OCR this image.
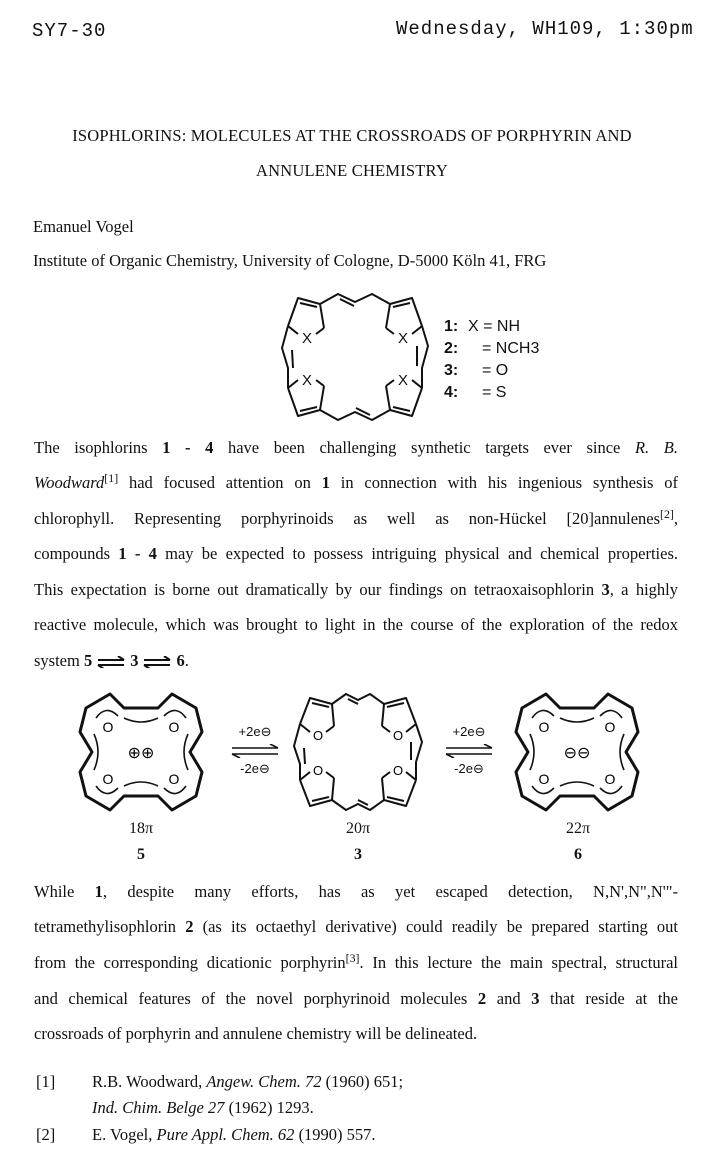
SY7-30	Wednesday, WH109, 1:30pm
ISOPHLORINS: MOLECULES AT THE CROSSROADS OF PORPHYRIN AND
ANNULENE CHEMISTRY
Emanuel Vogel
Institute of Organic Chemistry, University of Cologne, D-5000 Köln 41, FRG
X	X
X	X
1: X = NH
2: = NCH3
3: = O
4: = S
The isophlorins 1 - 4 have been challenging synthetic targets ever since R. B.
Woodward[1] had focused attention on 1 in connection with his ingenious synthesis of
chlorophyll. Representing porphyrinoids as well as non-Hückel [20]annulenes[2],
compounds 1 - 4 may be expected to possess intriguing physical and chemical properties.
This expectation is borne out dramatically by our findings on tetraoxaisophlorin 3, a highly
reactive molecule, which was brought to light in the course of the exploration of the redox
system 5 ⇌ 3 ⇌ 6.
O	O
O	O
⊕⊕
+2e⊖
-2e⊖
O	O
O	O
+2e⊖
-2e⊖
O	O
O	O
⊖⊖
18π
5
20π
3
22π
6
While 1, despite many efforts, has as yet escaped detection, N,N',N",N'"-
tetramethylisophlorin 2 (as its octaethyl derivative) could readily be prepared starting out
from the corresponding dicationic porphyrin[3]. In this lecture the main spectral, structural
and chemical features of the novel porphyrinoid molecules 2 and 3 that reside at the
crossroads of porphyrin and annulene chemistry will be delineated.
[1] R.B. Woodward, Angew. Chem. 72 (1960) 651;
Ind. Chim. Belge 27 (1962) 1293.
[2] E. Vogel, Pure Appl. Chem. 62 (1990) 557.
